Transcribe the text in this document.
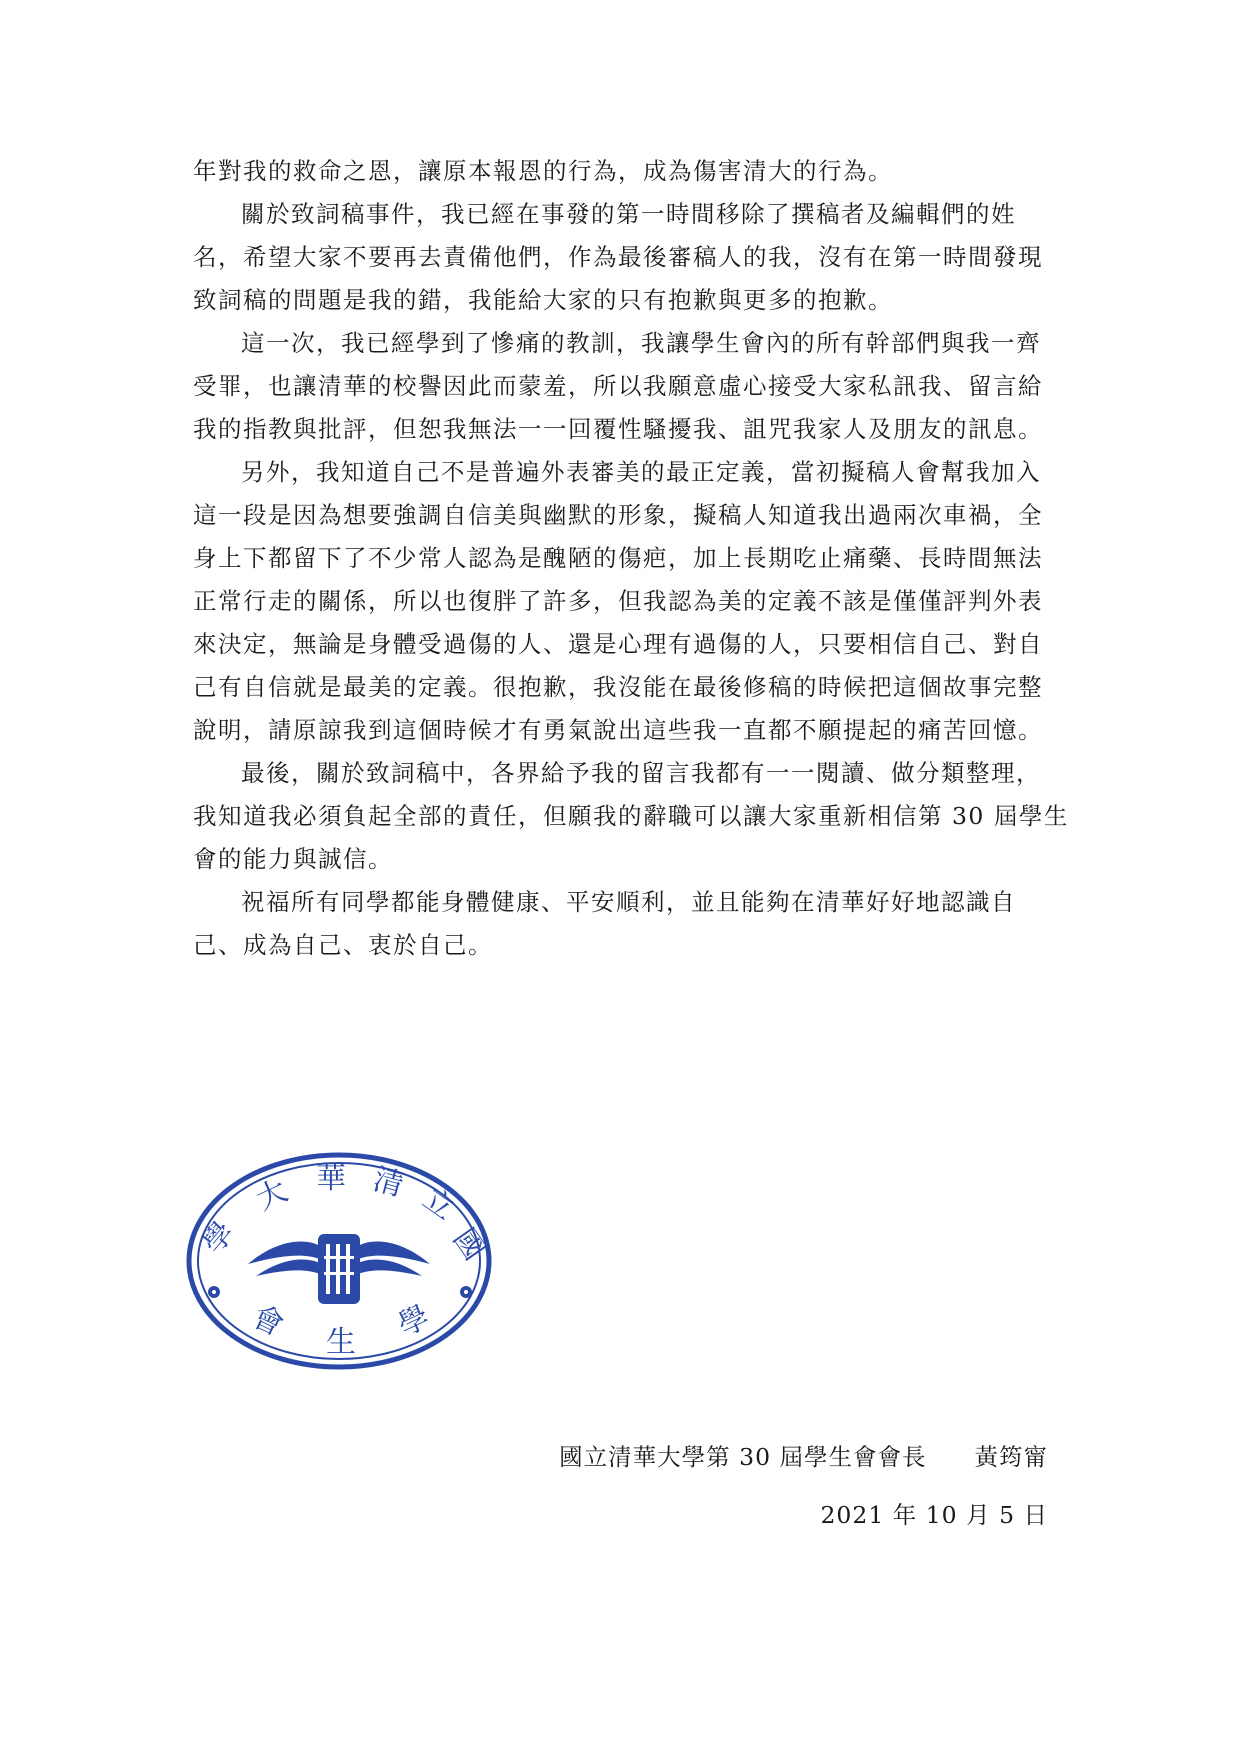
年對我的救命之恩，讓原本報恩的行為，成為傷害清大的行為。

關於致詞稿事件，我已經在事發的第一時間移除了撰稿者及編輯們的姓

名，希望大家不要再去責備他們，作為最後審稿人的我，沒有在第一時間發現

致詞稿的問題是我的錯，我能給大家的只有抱歉與更多的抱歉。

這一次，我已經學到了慘痛的教訓，我讓學生會內的所有幹部們與我一齊

受罪，也讓清華的校譽因此而蒙羞，所以我願意虛心接受大家私訊我、留言給

我的指教與批評，但恕我無法一一回覆性騷擾我、詛咒我家人及朋友的訊息。

另外，我知道自己不是普遍外表審美的最正定義，當初擬稿人會幫我加入

這一段是因為想要強調自信美與幽默的形象，擬稿人知道我出過兩次車禍，全

身上下都留下了不少常人認為是醜陋的傷疤，加上長期吃止痛藥、長時間無法

正常行走的關係，所以也復胖了許多，但我認為美的定義不該是僅僅評判外表

來決定，無論是身體受過傷的人、還是心理有過傷的人，只要相信自己、對自

己有自信就是最美的定義。很抱歉，我沒能在最後修稿的時候把這個故事完整

說明，請原諒我到這個時候才有勇氣說出這些我一直都不願提起的痛苦回憶。

最後，關於致詞稿中，各界給予我的留言我都有一一閱讀、做分類整理，

我知道我必須負起全部的責任，但願我的辭職可以讓大家重新相信第 30 屆學生

會的能力與誠信。

祝福所有同學都能身體健康、平安順利，並且能夠在清華好好地認識自

己、成為自己、衷於自己。

學
大 華 清 立
國
會 生 學
國立清華大學第 30 屆學生會會長 黃筠甯
2021 年 10 月 5 日
